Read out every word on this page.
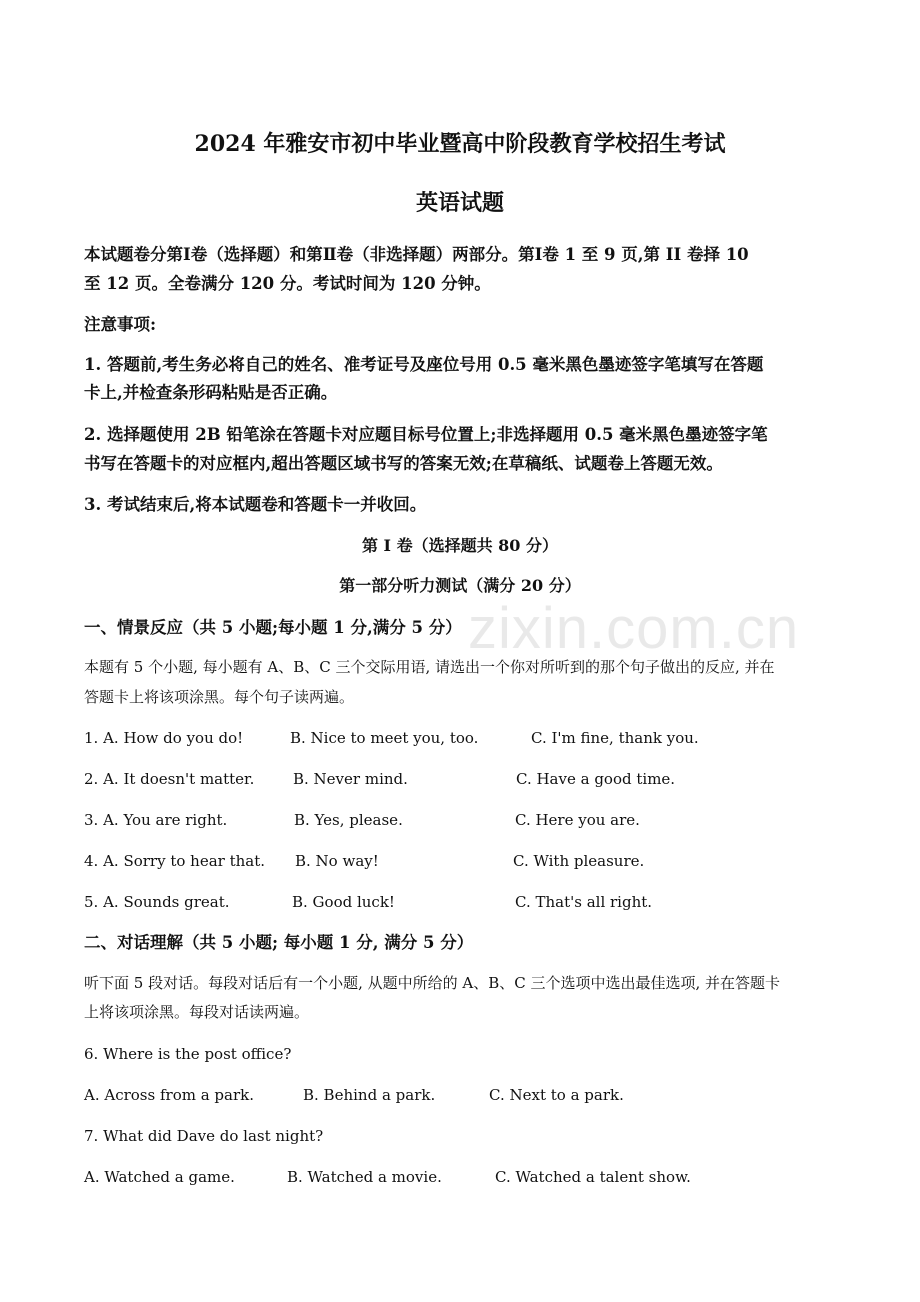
zixin.com.cn
2024 年雅安市初中毕业暨高中阶段教育学校招生考试
英语试题
本试题卷分第Ⅰ卷（选择题）和第Ⅱ卷（非选择题）两部分。第Ⅰ卷 1 至 9 页,第 II 卷择 10
至 12 页。全卷满分 120 分。考试时间为 120 分钟。
注意事项:
1. 答题前,考生务必将自己的姓名、准考证号及座位号用 0.5 毫米黑色墨迹签字笔填写在答题
卡上,并检查条形码粘贴是否正确。
2. 选择题使用 2B 铅笔涂在答题卡对应题目标号位置上;非选择题用 0.5 毫米黑色墨迹签字笔
书写在答题卡的对应框内,超出答题区域书写的答案无效;在草稿纸、试题卷上答题无效。
3. 考试结束后,将本试题卷和答题卡一并收回。
第 I 卷（选择题共 80 分）
第一部分听力测试（满分 20 分）
一、情景反应（共 5 小题;每小题 1 分,满分 5 分）
本题有 5 个小题, 每小题有 A、B、C 三个交际用语, 请选出一个你对所听到的那个句子做出的反应, 并在
答题卡上将该项涂黑。每个句子读两遍。
1. A. How do you do!	B. Nice to meet you, too.	C. I'm fine, thank you.
2. A. It doesn't matter.	B. Never mind.	C. Have a good time.
3. A. You are right.	B. Yes, please.	C. Here you are.
4. A. Sorry to hear that. B. No way!	C. With pleasure.
5. A. Sounds great.	B. Good luck!	C. That's all right.
二、对话理解（共 5 小题; 每小题 1 分, 满分 5 分）
听下面 5 段对话。每段对话后有一个小题, 从题中所给的 A、B、C 三个选项中选出最佳选项, 并在答题卡
上将该项涂黑。每段对话读两遍。
6. Where is the post office?
A. Across from a park.	B. Behind a park.	C. Next to a park.
7. What did Dave do last night?
A. Watched a game.	B. Watched a movie.	C. Watched a talent show.
